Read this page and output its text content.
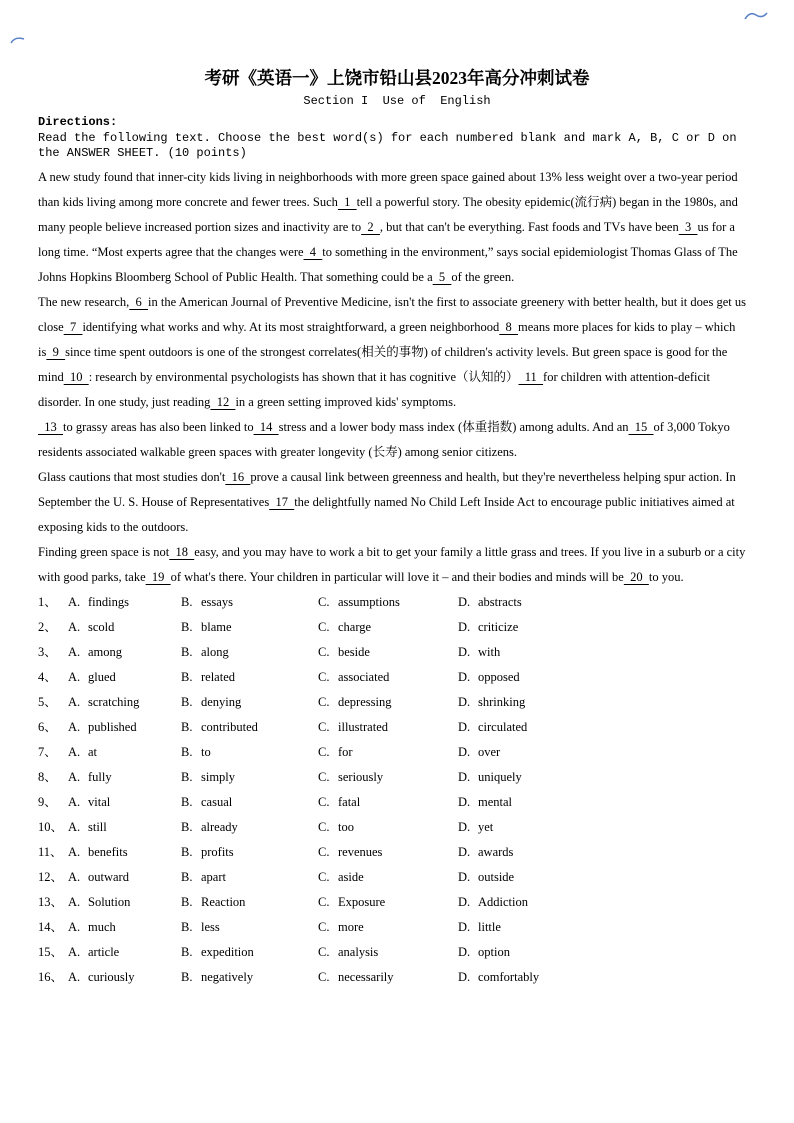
考研《英语一》上饶市铅山县2023年高分冲刺试卷
Section I  Use of  English
Directions:
Read the following text. Choose the best word(s) for each numbered blank and mark A, B, C or D on the ANSWER SHEET. (10 points)

A new study found that inner-city kids living in neighborhoods with more green space gained about 13% less weight over a two-year period than kids living among more concrete and fewer trees. Such  1  tell a powerful story. The obesity epidemic(流行病) began in the 1980s, and many people believe increased portion sizes and inactivity are to  2  , but that can't be everything. Fast foods and TVs have been  3  us for a long time. “Most experts agree that the changes were  4  to something in the environment,” says social epidemiologist Thomas Glass of The Johns Hopkins Bloomberg School of Public Health. That something could be a  5  of the green.

The new research,  6  in the American Journal of Preventive Medicine, isn't the first to associate greenery with better health, but it does get us close  7  identifying what works and why. At its most straightforward, a green neighborhood  8  means more places for kids to play – which is  9  since time spent outdoors is one of the strongest correlates(相关的事物) of children's activity levels. But green space is good for the mind  10  : research by environmental psychologists has shown that it has cognitive（认知的）  11  for children with attention-deficit disorder. In one study, just reading  12  in a green setting improved kids' symptoms.

13  to grassy areas has also been linked to  14  stress and a lower body mass index (体重指数) among adults. And an  15  of 3,000 Tokyo residents associated walkable green spaces with greater longevity (长寿) among senior citizens.

Glass cautions that most studies don't  16  prove a causal link between greenness and health, but they're nevertheless helping spur action. In September the U. S. House of Representatives  17  the delightfully named No Child Left Inside Act to encourage public initiatives aimed at exposing kids to the outdoors.

Finding green space is not  18  easy, and you may have to work a bit to get your family a little grass and trees. If you live in a suburb or a city with good parks, take  19  of what's there. Your children in particular will love it – and their bodies and minds will be  20  to you.

1、 A. findings	B. essays	C. assumptions	D. abstracts
2、 A. scold	B. blame	C. charge	D. criticize
3、 A. among	B. along	C. beside	D. with
4、 A. glued	B. related	C. associated	D. opposed
5、 A. scratching	B. denying	C. depressing	D. shrinking
6、 A. published	B. contributed	C. illustrated	D. circulated
7、 A. at	B. to	C. for	D. over
8、 A. fully	B. simply	C. seriously	D. uniquely
9、 A. vital	B. casual	C. fatal	D. mental
10、 A. still	B. already	C. too	D. yet
11、 A. benefits	B. profits	C. revenues	D. awards
12、 A. outward	B. apart	C. aside	D. outside
13、 A. Solution	B. Reaction	C. Exposure	D. Addiction
14、 A. much	B. less	C. more	D. little
15、 A. article	B. expedition	C. analysis	D. option
16、 A. curiously	B. negatively	C. necessarily	D. comfortably
